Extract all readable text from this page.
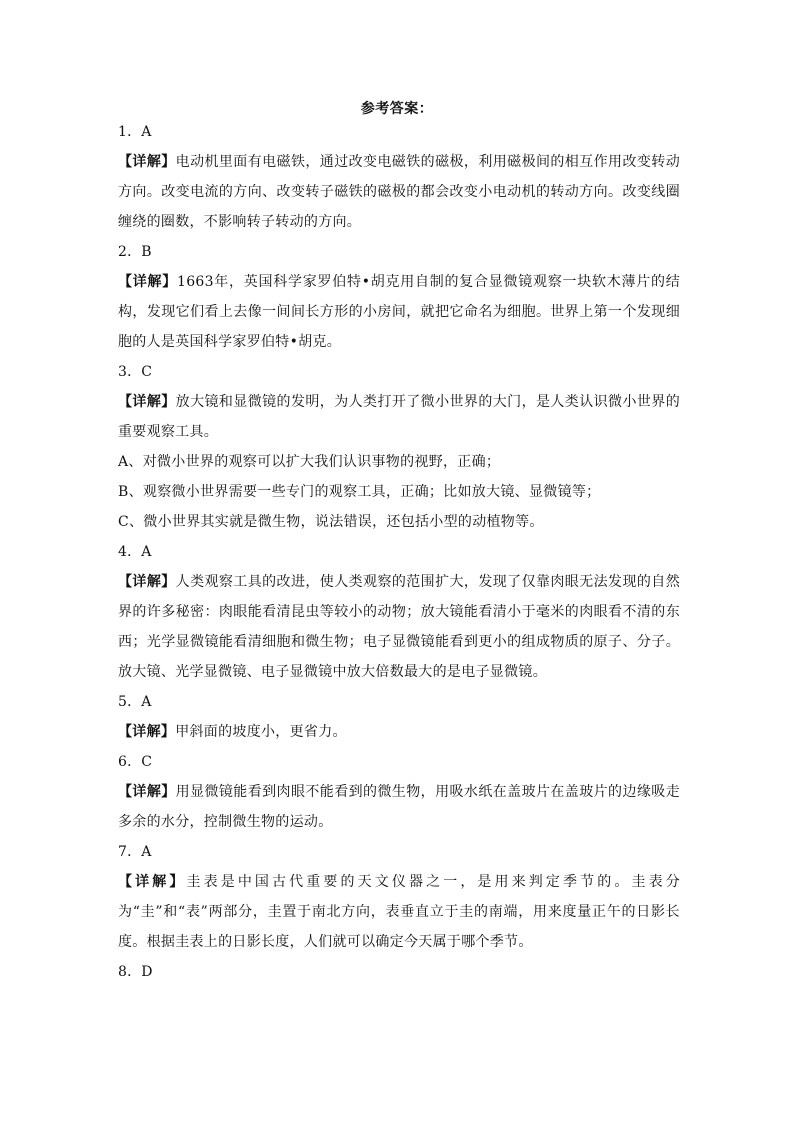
参考答案：
1．A
【详解】电动机里面有电磁铁，通过改变电磁铁的磁极，利用磁极间的相互作用改变转动方向。改变电流的方向、改变转子磁铁的磁极的都会改变小电动机的转动方向。改变线圈缠绕的圈数，不影响转子转动的方向。
2．B
【详解】1663年，英国科学家罗伯特•胡克用自制的复合显微镜观察一块软木薄片的结构，发现它们看上去像一间间长方形的小房间，就把它命名为细胞。世界上第一个发现细胞的人是英国科学家罗伯特•胡克。
3．C
【详解】放大镜和显微镜的发明，为人类打开了微小世界的大门，是人类认识微小世界的重要观察工具。
A、对微小世界的观察可以扩大我们认识事物的视野，正确；
B、观察微小世界需要一些专门的观察工具，正确；比如放大镜、显微镜等；
C、微小世界其实就是微生物，说法错误，还包括小型的动植物等。
4．A
【详解】人类观察工具的改进，使人类观察的范围扩大，发现了仅靠肉眼无法发现的自然界的许多秘密：肉眼能看清昆虫等较小的动物；放大镜能看清小于毫米的肉眼看不清的东西；光学显微镜能看清细胞和微生物；电子显微镜能看到更小的组成物质的原子、分子。放大镜、光学显微镜、电子显微镜中放大倍数最大的是电子显微镜。
5．A
【详解】甲斜面的坡度小，更省力。
6．C
【详解】用显微镜能看到肉眼不能看到的微生物，用吸水纸在盖玻片在盖玻片的边缘吸走多余的水分，控制微生物的运动。
7．A
【详解】圭表是中国古代重要的天文仪器之一，是用来判定季节的。圭表分为“圭”和“表”两部分，圭置于南北方向，表垂直立于圭的南端，用来度量正午的日影长度。根据圭表上的日影长度，人们就可以确定今天属于哪个季节。
8．D
